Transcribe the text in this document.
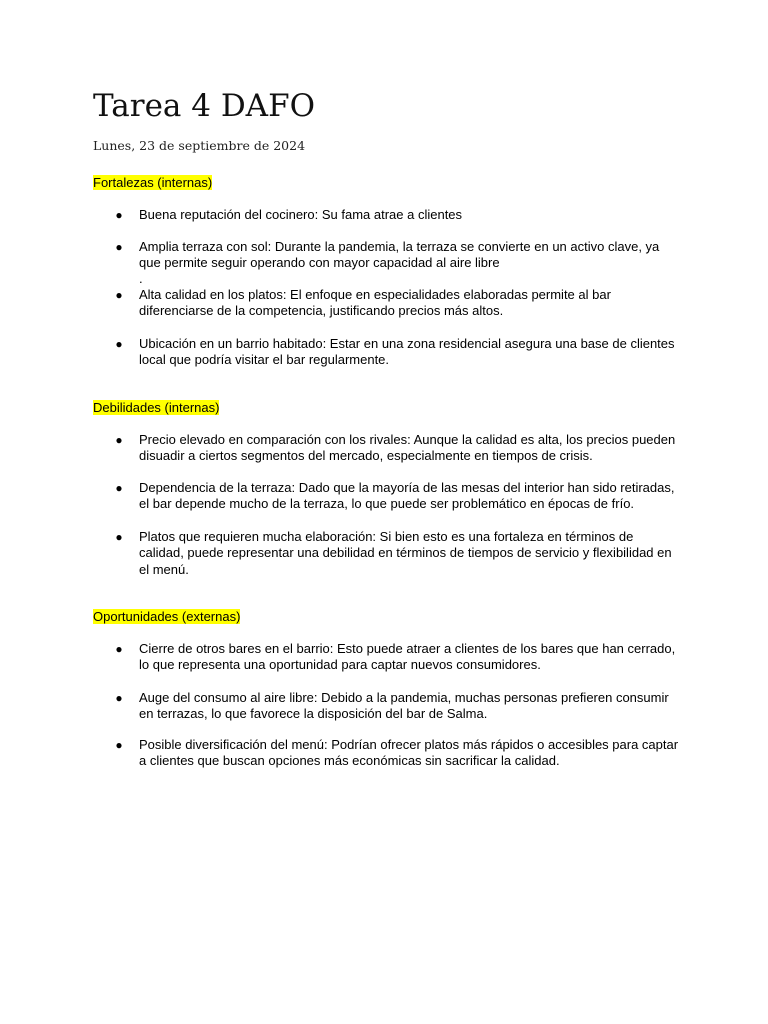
Tarea 4 DAFO
Lunes, 23 de septiembre de 2024
Fortalezas (internas)
● Buena reputación del cocinero: Su fama atrae a clientes
● Amplia terraza con sol: Durante la pandemia, la terraza se convierte en un activo clave, ya que permite seguir operando con mayor capacidad al aire libre
.
● Alta calidad en los platos: El enfoque en especialidades elaboradas permite al bar diferenciarse de la competencia, justificando precios más altos.
● Ubicación en un barrio habitado: Estar en una zona residencial asegura una base de clientes local que podría visitar el bar regularmente.
Debilidades (internas)
● Precio elevado en comparación con los rivales: Aunque la calidad es alta, los precios pueden disuadir a ciertos segmentos del mercado, especialmente en tiempos de crisis.
● Dependencia de la terraza: Dado que la mayoría de las mesas del interior han sido retiradas, el bar depende mucho de la terraza, lo que puede ser problemático en épocas de frío.
● Platos que requieren mucha elaboración: Si bien esto es una fortaleza en términos de calidad, puede representar una debilidad en términos de tiempos de servicio y flexibilidad en el menú.
Oportunidades (externas)
● Cierre de otros bares en el barrio: Esto puede atraer a clientes de los bares que han cerrado, lo que representa una oportunidad para captar nuevos consumidores.
● Auge del consumo al aire libre: Debido a la pandemia, muchas personas prefieren consumir en terrazas, lo que favorece la disposición del bar de Salma.
● Posible diversificación del menú: Podrían ofrecer platos más rápidos o accesibles para captar a clientes que buscan opciones más económicas sin sacrificar la calidad.
